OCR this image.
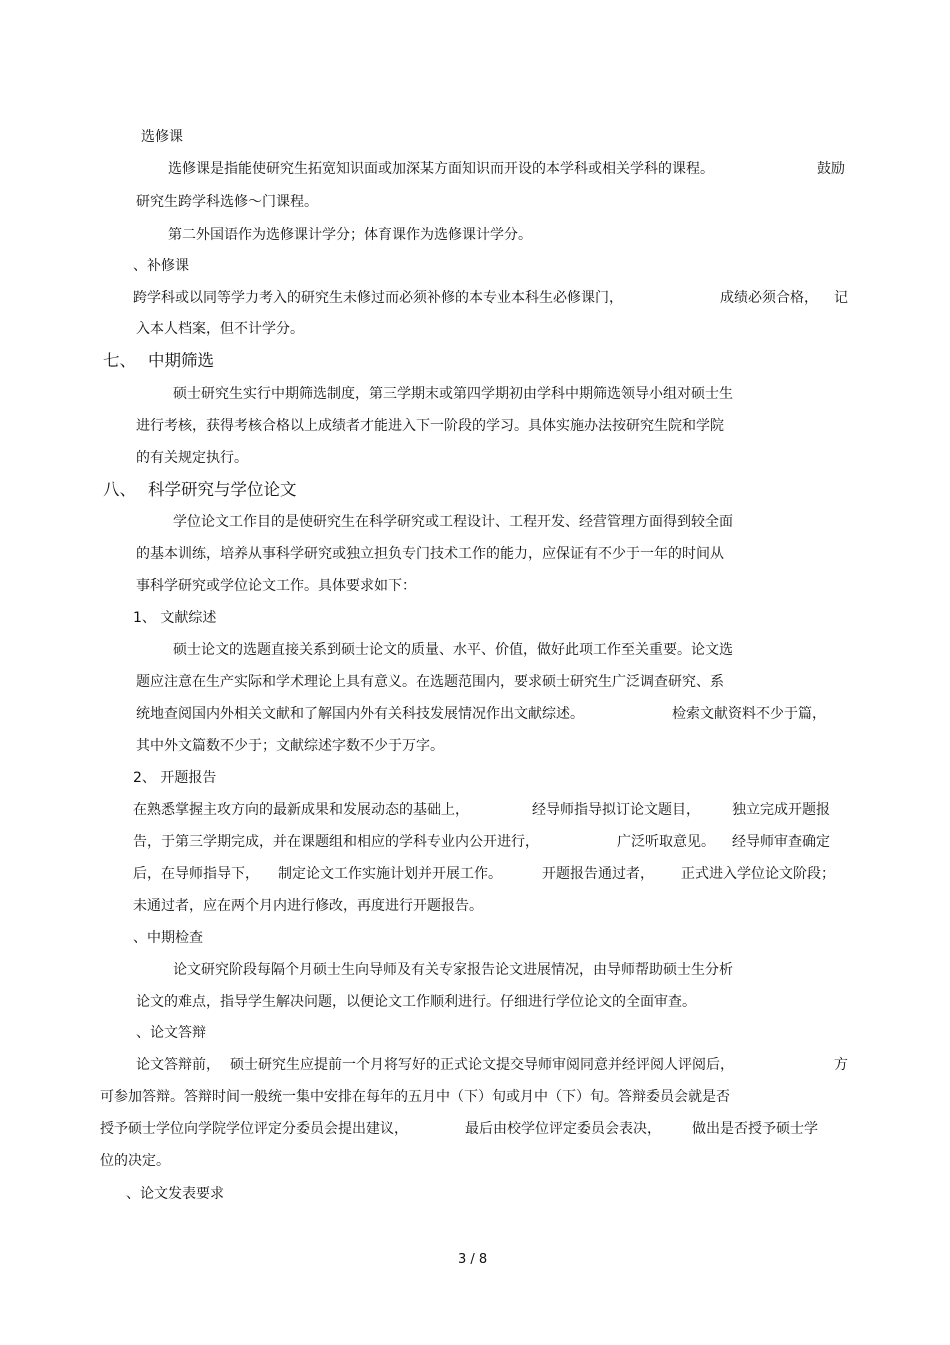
选修课
选修课是指能使研究生拓宽知识面或加深某方面知识而开设的本学科或相关学科的课程。	鼓励
研究生跨学科选修～门课程。
第二外国语作为选修课计学分；体育课作为选修课计学分。
、补修课
跨学科或以同等学力考入的研究生未修过而必须补修的本专业本科生必修课门，	成绩必须合格， 记
入本人档案，但不计学分。
七、 中期筛选
硕士研究生实行中期筛选制度，第三学期末或第四学期初由学科中期筛选领导小组对硕士生
进行考核，获得考核合格以上成绩者才能进入下一阶段的学习。具体实施办法按研究生院和学院
的有关规定执行。
八、 科学研究与学位论文
学位论文工作目的是使研究生在科学研究或工程设计、工程开发、经营管理方面得到较全面
的基本训练，培养从事科学研究或独立担负专门技术工作的能力，应保证有不少于一年的时间从
事科学研究或学位论文工作。具体要求如下：
1、 文献综述
硕士论文的选题直接关系到硕士论文的质量、水平、价值，做好此项工作至关重要。论文选
题应注意在生产实际和学术理论上具有意义。在选题范围内，要求硕士研究生广泛调查研究、系
统地查阅国内外相关文献和了解国内外有关科技发展情况作出文献综述。	检索文献资料不少于篇，
其中外文篇数不少于；文献综述字数不少于万字。
2、 开题报告
在熟悉掌握主攻方向的最新成果和发展动态的基础上，	经导师指导拟订论文题目， 独立完成开题报
告，于第三学期完成，并在课题组和相应的学科专业内公开进行，	广泛听取意见。 经导师审查确定
后，在导师指导下， 制定论文工作实施计划并开展工作。	开题报告通过者， 正式进入学位论文阶段；
未通过者，应在两个月内进行修改，再度进行开题报告。
、中期检查
论文研究阶段每隔个月硕士生向导师及有关专家报告论文进展情况，由导师帮助硕士生分析
论文的难点，指导学生解决问题，以便论文工作顺利进行。仔细进行学位论文的全面审查。
、论文答辩
论文答辩前， 硕士研究生应提前一个月将写好的正式论文提交导师审阅同意并经评阅人评阅后，	方
可参加答辩。答辩时间一般统一集中安排在每年的五月中（下）旬或月中（下）旬。答辩委员会就是否
授予硕士学位向学院学位评定分委员会提出建议，	最后由校学位评定委员会表决， 做出是否授予硕士学
位的决定。
、论文发表要求
3 / 8
